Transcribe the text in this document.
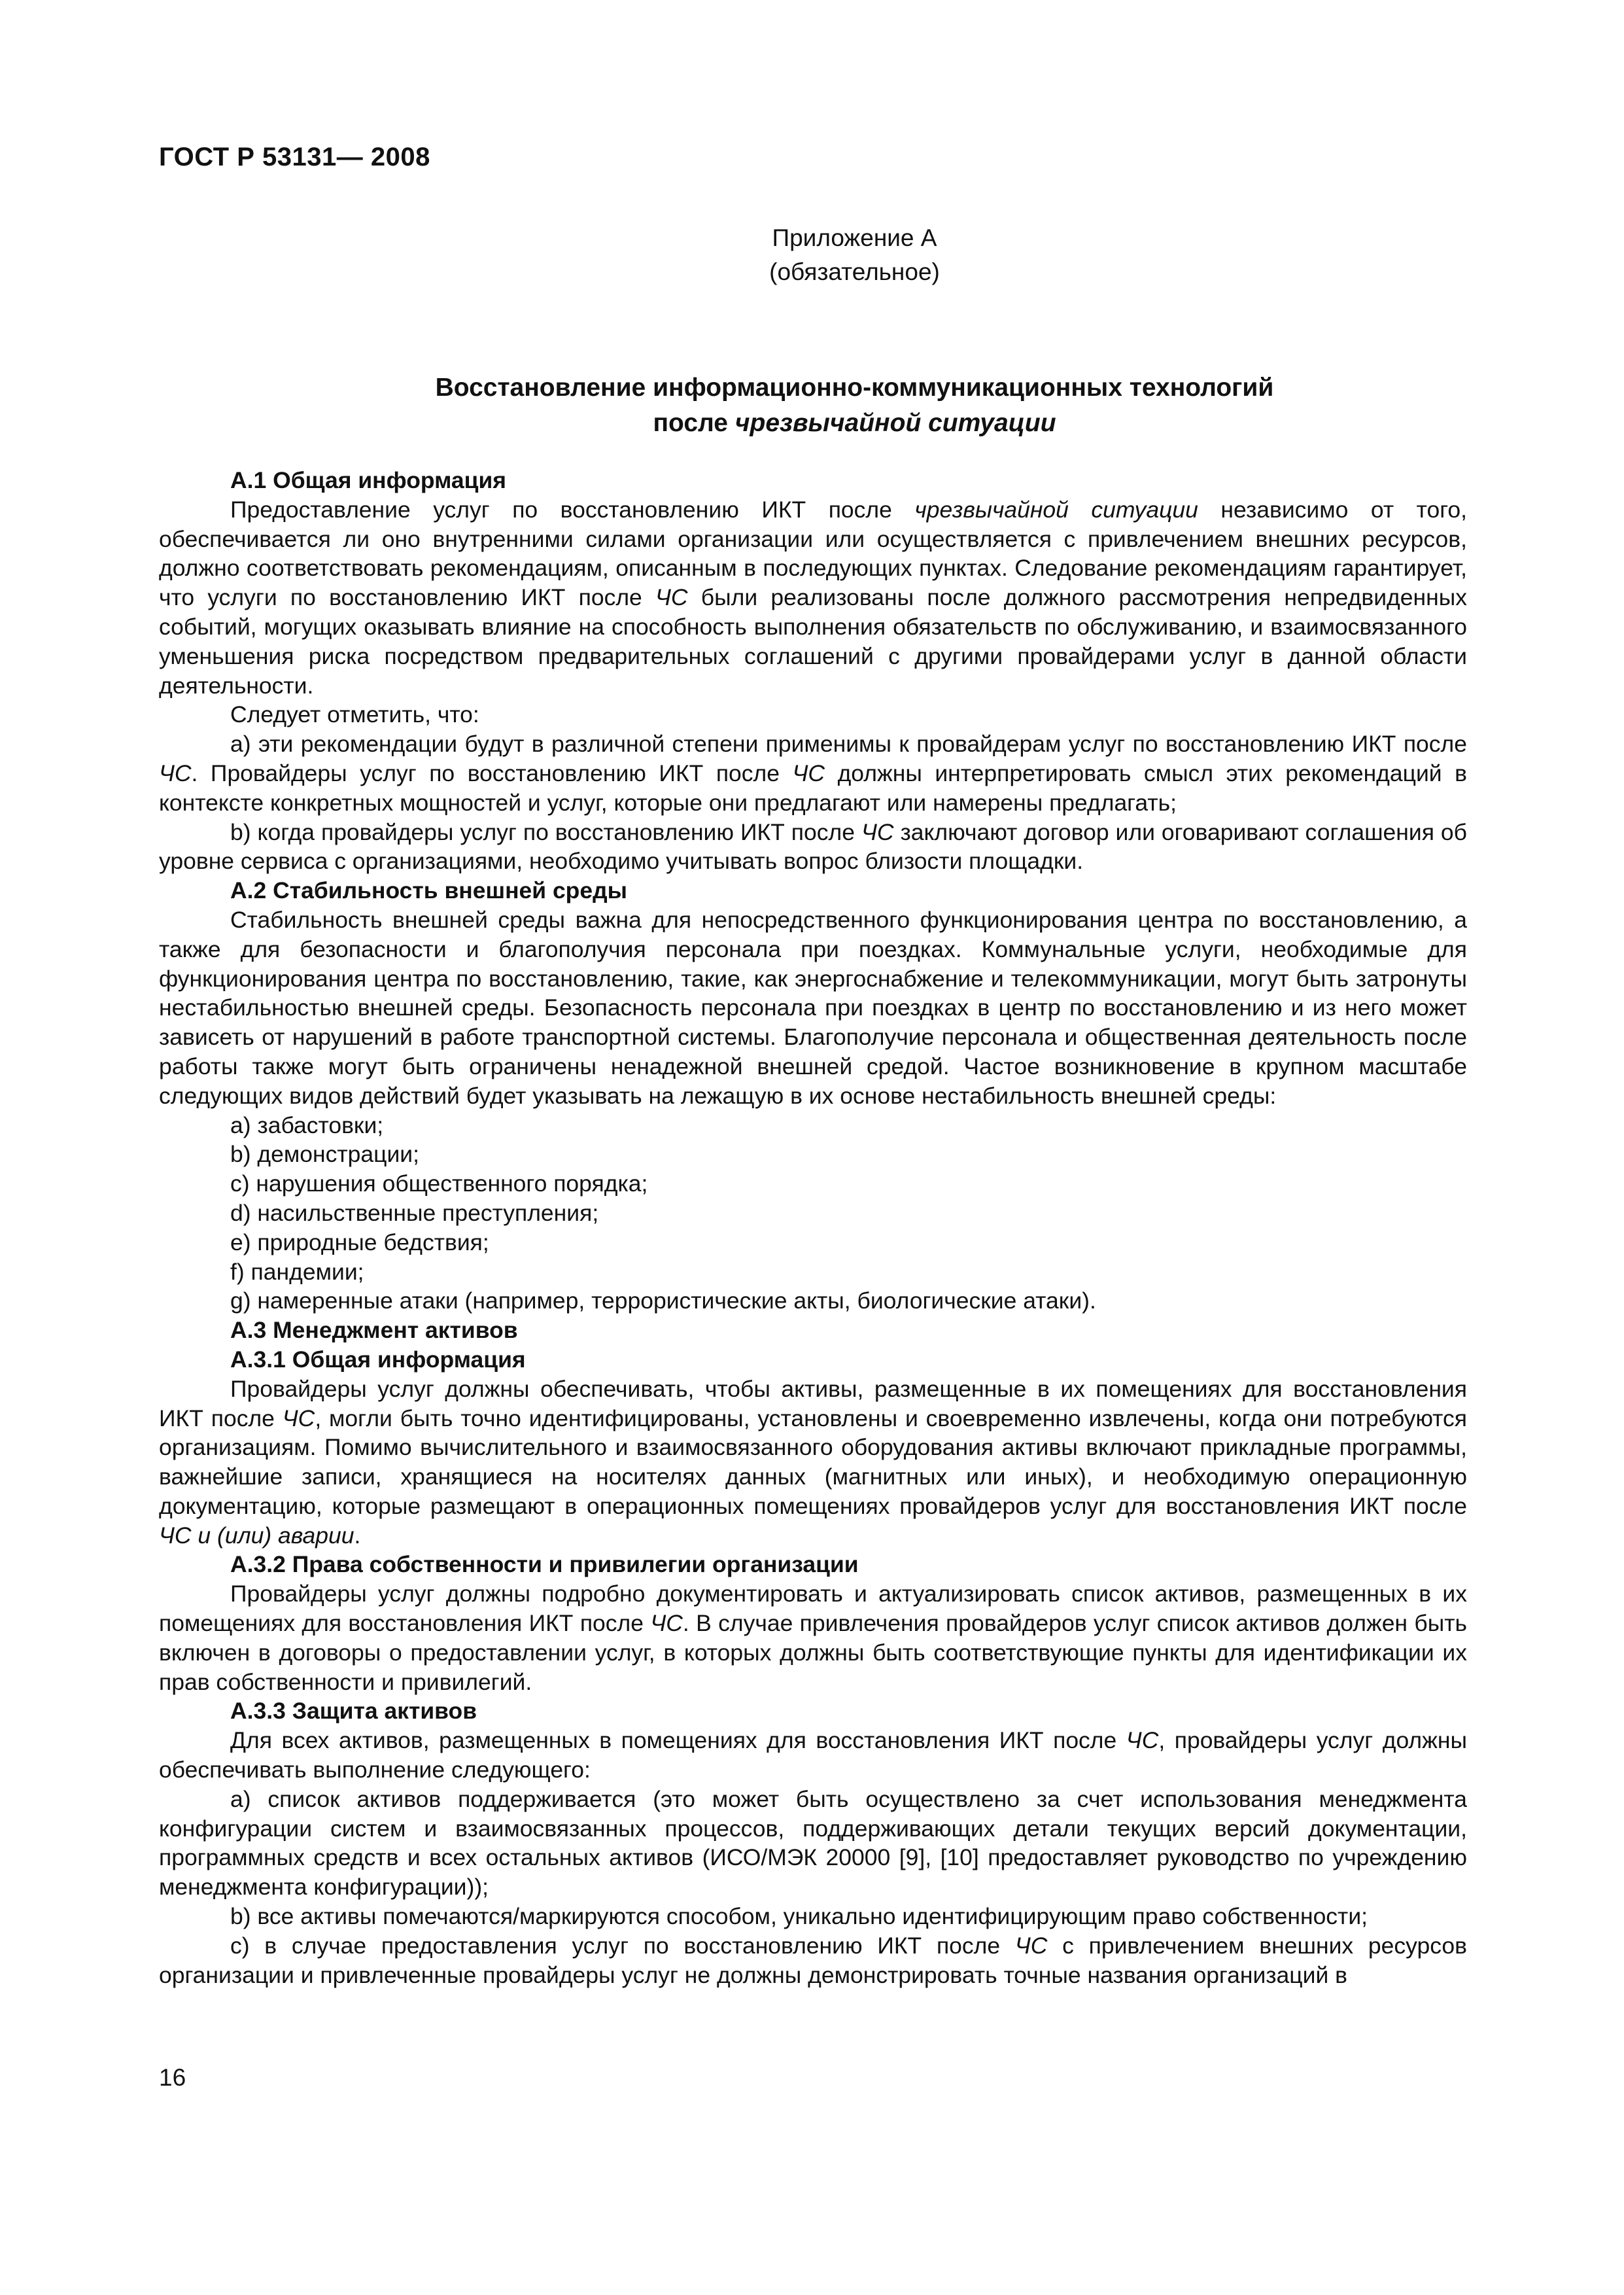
ГОСТ Р 53131— 2008
Приложение А
(обязательное)
Восстановление информационно-коммуникационных технологий
после чрезвычайной ситуации

А.1 Общая информация

Предоставление услуг по восстановлению ИКТ после чрезвычайной ситуации независимо от того, обеспечивается ли оно внутренними силами организации или осуществляется с привлечением внешних ресурсов, должно соответствовать рекомендациям, описанным в последующих пунктах. Следование рекомендациям гарантирует, что услуги по восстановлению ИКТ после ЧС были реализованы после должного рассмотрения непредвиденных событий, могущих оказывать влияние на способность выполнения обязательств по обслуживанию, и взаимосвязанного уменьшения риска посредством предварительных соглашений с другими провайдерами услуг в данной области деятельности.

Следует отметить, что:

а) эти рекомендации будут в различной степени применимы к провайдерам услуг по восстановлению ИКТ после ЧС. Провайдеры услуг по восстановлению ИКТ после ЧС должны интерпретировать смысл этих рекомендаций в контексте конкретных мощностей и услуг, которые они предлагают или намерены предлагать;

b) когда провайдеры услуг по восстановлению ИКТ после ЧС заключают договор или оговаривают соглашения об уровне сервиса с организациями, необходимо учитывать вопрос близости площадки.

А.2 Стабильность внешней среды

Стабильность внешней среды важна для непосредственного функционирования центра по восстановлению, а также для безопасности и благополучия персонала при поездках. Коммунальные услуги, необходимые для функционирования центра по восстановлению, такие, как энергоснабжение и телекоммуникации, могут быть затронуты нестабильностью внешней среды. Безопасность персонала при поездках в центр по восстановлению и из него может зависеть от нарушений в работе транспортной системы. Благополучие персонала и общественная деятельность после работы также могут быть ограничены ненадежной внешней средой. Частое возникновение в крупном масштабе следующих видов действий будет указывать на лежащую в их основе нестабильность внешней среды:

а) забастовки;

b) демонстрации;

с) нарушения общественного порядка;

d) насильственные преступления;

е) природные бедствия;

f) пандемии;

g) намеренные атаки (например, террористические акты, биологические атаки).

А.3 Менеджмент активов

А.3.1 Общая информация

Провайдеры услуг должны обеспечивать, чтобы активы, размещенные в их помещениях для восстановления ИКТ после ЧС, могли быть точно идентифицированы, установлены и своевременно извлечены, когда они потребуются организациям. Помимо вычислительного и взаимосвязанного оборудования активы включают прикладные программы, важнейшие записи, хранящиеся на носителях данных (магнитных или иных), и необходимую операционную документацию, которые размещают в операционных помещениях провайдеров услуг для восстановления ИКТ после ЧС и (или) аварии.

А.3.2 Права собственности и привилегии организации

Провайдеры услуг должны подробно документировать и актуализировать список активов, размещенных в их помещениях для восстановления ИКТ после ЧС. В случае привлечения провайдеров услуг список активов должен быть включен в договоры о предоставлении услуг, в которых должны быть соответствующие пункты для идентификации их прав собственности и привилегий.

А.3.3 Защита активов

Для всех активов, размещенных в помещениях для восстановления ИКТ после ЧС, провайдеры услуг должны обеспечивать выполнение следующего:

а) список активов поддерживается (это может быть осуществлено за счет использования менеджмента конфигурации систем и взаимосвязанных процессов, поддерживающих детали текущих версий документации, программных средств и всех остальных активов (ИСО/МЭК 20000 [9], [10] предоставляет руководство по учреждению менеджмента конфигурации));

b) все активы помечаются/маркируются способом, уникально идентифицирующим право собственности;

с) в случае предоставления услуг по восстановлению ИКТ после ЧС с привлечением внешних ресурсов организации и привлеченные провайдеры услуг не должны демонстрировать точные названия организаций в

16
